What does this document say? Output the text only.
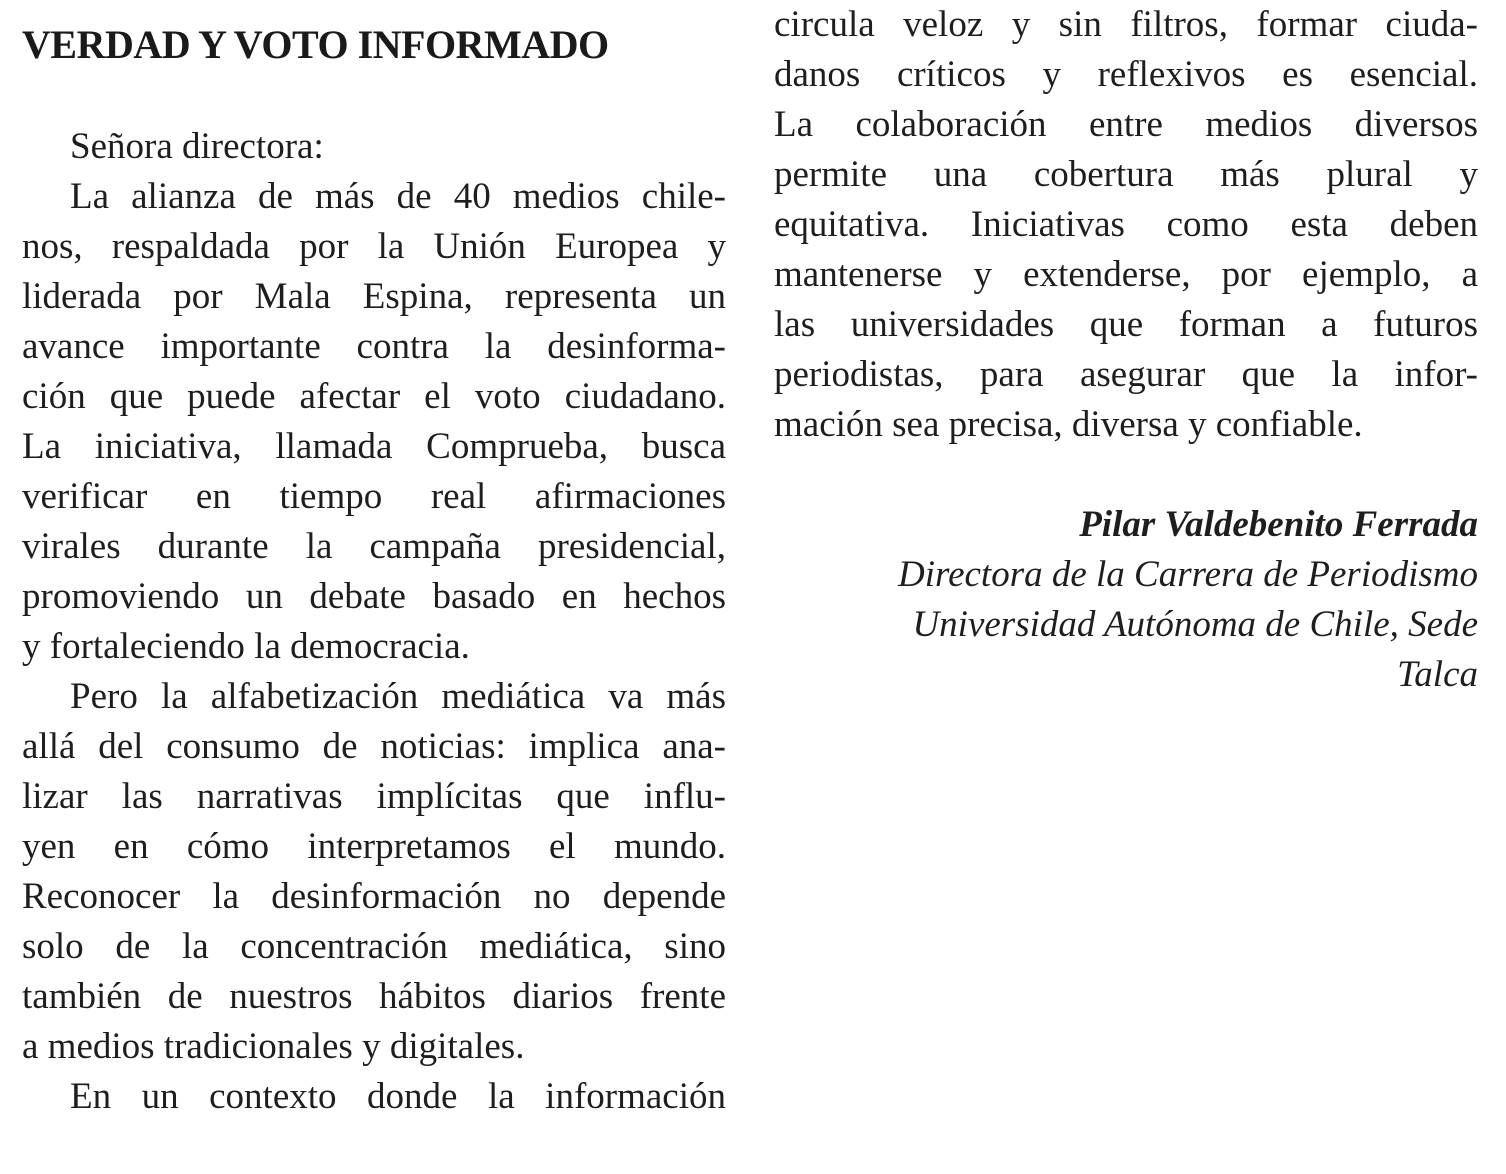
VERDAD Y VOTO INFORMADO
Señora directora:
La alianza de más de 40 medios chile-
nos, respaldada por la Unión Europea y
liderada por Mala Espina, representa un
avance importante contra la desinforma-
ción que puede afectar el voto ciudadano.
La iniciativa, llamada Comprueba, busca
verificar en tiempo real afirmaciones
virales durante la campaña presidencial,
promoviendo un debate basado en hechos
y fortaleciendo la democracia.
Pero la alfabetización mediática va más
allá del consumo de noticias: implica ana-
lizar las narrativas implícitas que influ-
yen en cómo interpretamos el mundo.
Reconocer la desinformación no depende
solo de la concentración mediática, sino
también de nuestros hábitos diarios frente
a medios tradicionales y digitales.
En un contexto donde la información
circula veloz y sin filtros, formar ciuda-
danos críticos y reflexivos es esencial.
La colaboración entre medios diversos
permite una cobertura más plural y
equitativa. Iniciativas como esta deben
mantenerse y extenderse, por ejemplo, a
las universidades que forman a futuros
periodistas, para asegurar que la infor-
mación sea precisa, diversa y confiable.
Pilar Valdebenito Ferrada
Directora de la Carrera de Periodismo
Universidad Autónoma de Chile, Sede
Talca
